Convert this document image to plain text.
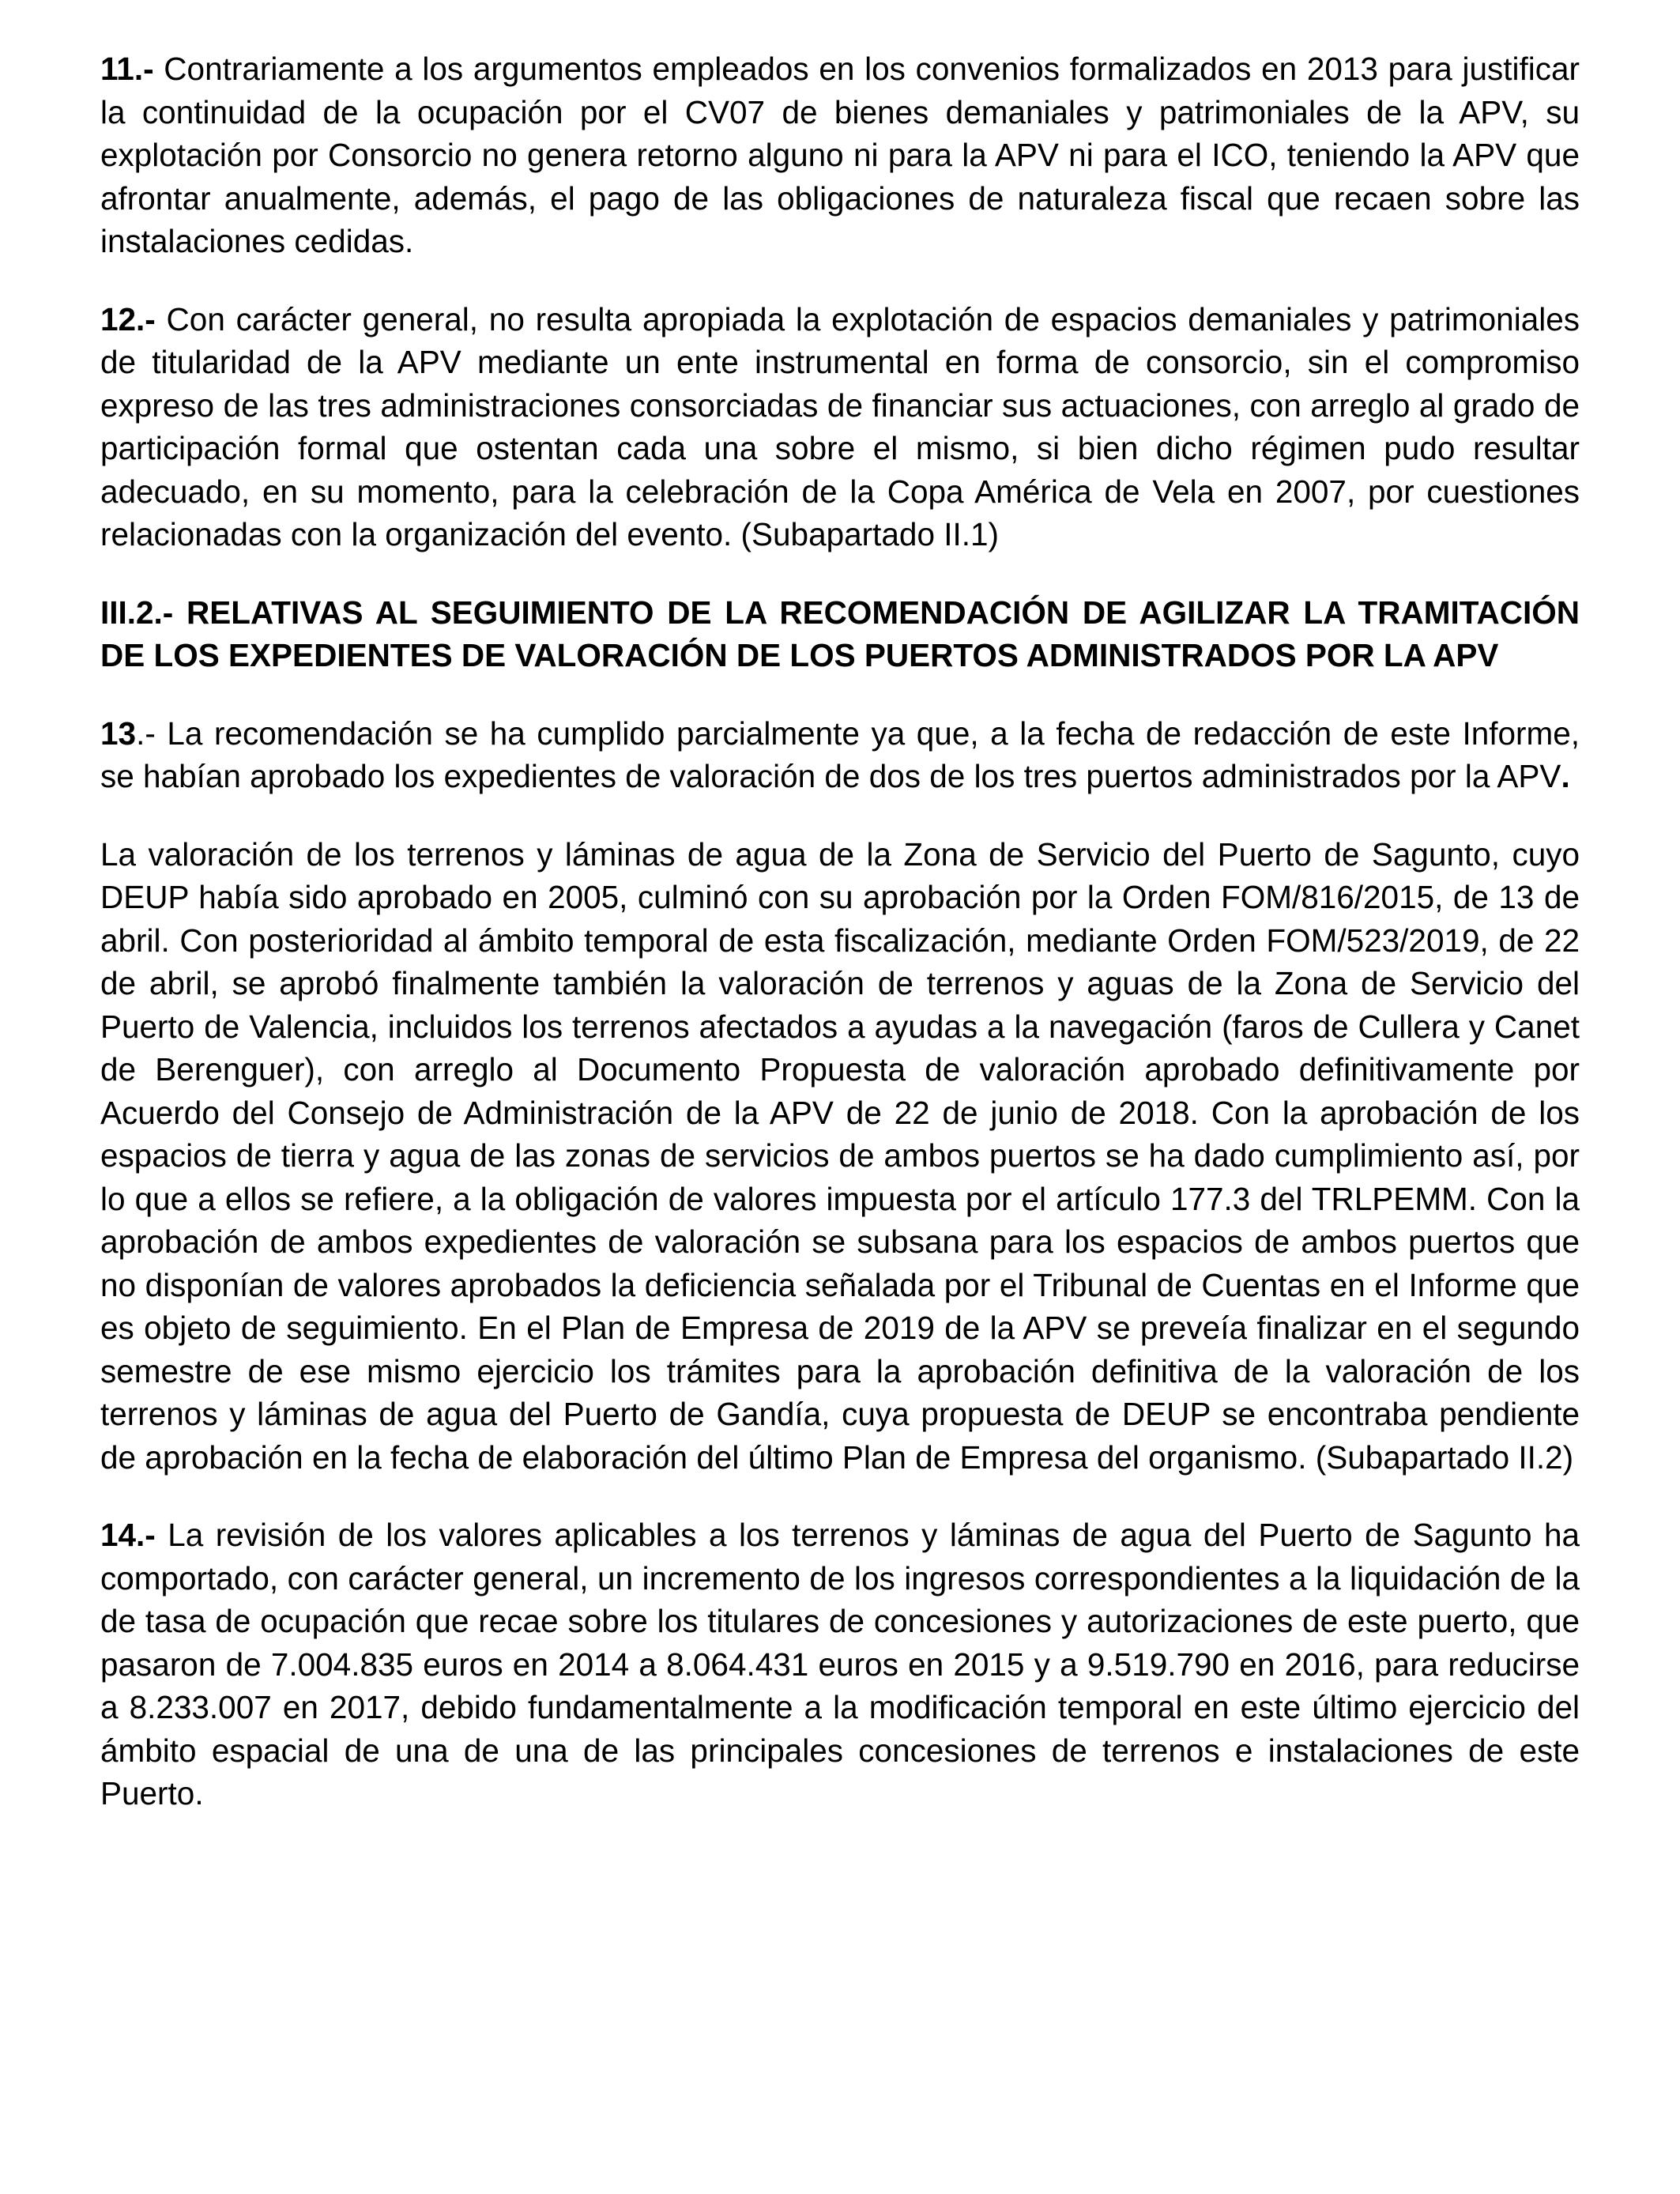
11.- Contrariamente a los argumentos empleados en los convenios formalizados en 2013 para justificar la continuidad de la ocupación por el CV07 de bienes demaniales y patrimoniales de la APV, su explotación por Consorcio no genera retorno alguno ni para la APV ni para el ICO, teniendo la APV que afrontar anualmente, además, el pago de las obligaciones de naturaleza fiscal que recaen sobre las instalaciones cedidas.

12.- Con carácter general, no resulta apropiada la explotación de espacios demaniales y patrimoniales de titularidad de la APV mediante un ente instrumental en forma de consorcio, sin el compromiso expreso de las tres administraciones consorciadas de financiar sus actuaciones, con arreglo al grado de participación formal que ostentan cada una sobre el mismo, si bien dicho régimen pudo resultar adecuado, en su momento, para la celebración de la Copa América de Vela en 2007, por cuestiones relacionadas con la organización del evento. (Subapartado II.1)

III.2.- RELATIVAS AL SEGUIMIENTO DE LA RECOMENDACIÓN DE AGILIZAR LA TRAMITACIÓN DE LOS EXPEDIENTES DE VALORACIÓN DE LOS PUERTOS ADMINISTRADOS POR LA APV

13.- La recomendación se ha cumplido parcialmente ya que, a la fecha de redacción de este Informe, se habían aprobado los expedientes de valoración de dos de los tres puertos administrados por la APV.

La valoración de los terrenos y láminas de agua de la Zona de Servicio del Puerto de Sagunto, cuyo DEUP había sido aprobado en 2005, culminó con su aprobación por la Orden FOM/816/2015, de 13 de abril. Con posterioridad al ámbito temporal de esta fiscalización, mediante Orden FOM/523/2019, de 22 de abril, se aprobó finalmente también la valoración de terrenos y aguas de la Zona de Servicio del Puerto de Valencia, incluidos los terrenos afectados a ayudas a la navegación (faros de Cullera y Canet de Berenguer), con arreglo al Documento Propuesta de valoración aprobado definitivamente por Acuerdo del Consejo de Administración de la APV de 22 de junio de 2018. Con la aprobación de los espacios de tierra y agua de las zonas de servicios de ambos puertos se ha dado cumplimiento así, por lo que a ellos se refiere, a la obligación de valores impuesta por el artículo 177.3 del TRLPEMM. Con la aprobación de ambos expedientes de valoración se subsana para los espacios de ambos puertos que no disponían de valores aprobados la deficiencia señalada por el Tribunal de Cuentas en el Informe que es objeto de seguimiento. En el Plan de Empresa de 2019 de la APV se preveía finalizar en el segundo semestre de ese mismo ejercicio los trámites para la aprobación definitiva de la valoración de los terrenos y láminas de agua del Puerto de Gandía, cuya propuesta de DEUP se encontraba pendiente de aprobación en la fecha de elaboración del último Plan de Empresa del organismo. (Subapartado II.2)

14.- La revisión de los valores aplicables a los terrenos y láminas de agua del Puerto de Sagunto ha comportado, con carácter general, un incremento de los ingresos correspondientes a la liquidación de la de tasa de ocupación que recae sobre los titulares de concesiones y autorizaciones de este puerto, que pasaron de 7.004.835 euros en 2014 a 8.064.431 euros en 2015 y a 9.519.790 en 2016, para reducirse a 8.233.007 en 2017, debido fundamentalmente a la modificación temporal en este último ejercicio del ámbito espacial de una de una de las principales concesiones de terrenos e instalaciones de este Puerto.
